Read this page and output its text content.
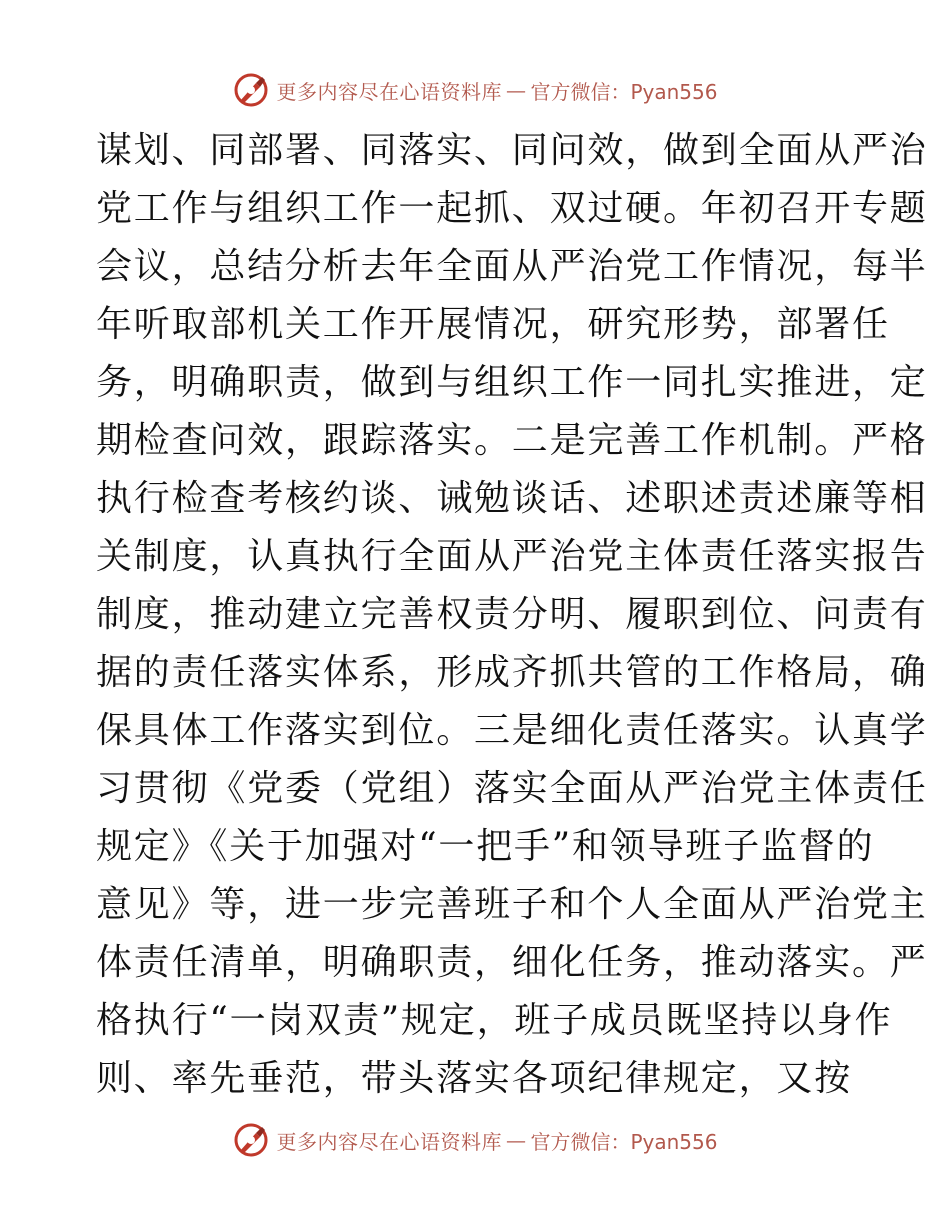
更多内容尽在心语资料库 — 官方微信：Pyan556
谋划、同部署、同落实、同问效，做到全面从严治
党工作与组织工作一起抓、双过硬。年初召开专题
会议，总结分析去年全面从严治党工作情况，每半
年听取部机关工作开展情况，研究形势，部署任
务，明确职责，做到与组织工作一同扎实推进，定
期检查问效，跟踪落实。二是完善工作机制。严格
执行检查考核约谈、诫勉谈话、述职述责述廉等相
关制度，认真执行全面从严治党主体责任落实报告
制度，推动建立完善权责分明、履职到位、问责有
据的责任落实体系，形成齐抓共管的工作格局，确
保具体工作落实到位。三是细化责任落实。认真学
习贯彻《党委（党组）落实全面从严治党主体责任
规定》《关于加强对“一把手”和领导班子监督的
意见》等，进一步完善班子和个人全面从严治党主
体责任清单，明确职责，细化任务，推动落实。严
格执行“一岗双责”规定，班子成员既坚持以身作
则、率先垂范，带头落实各项纪律规定，又按
更多内容尽在心语资料库 — 官方微信：Pyan556
